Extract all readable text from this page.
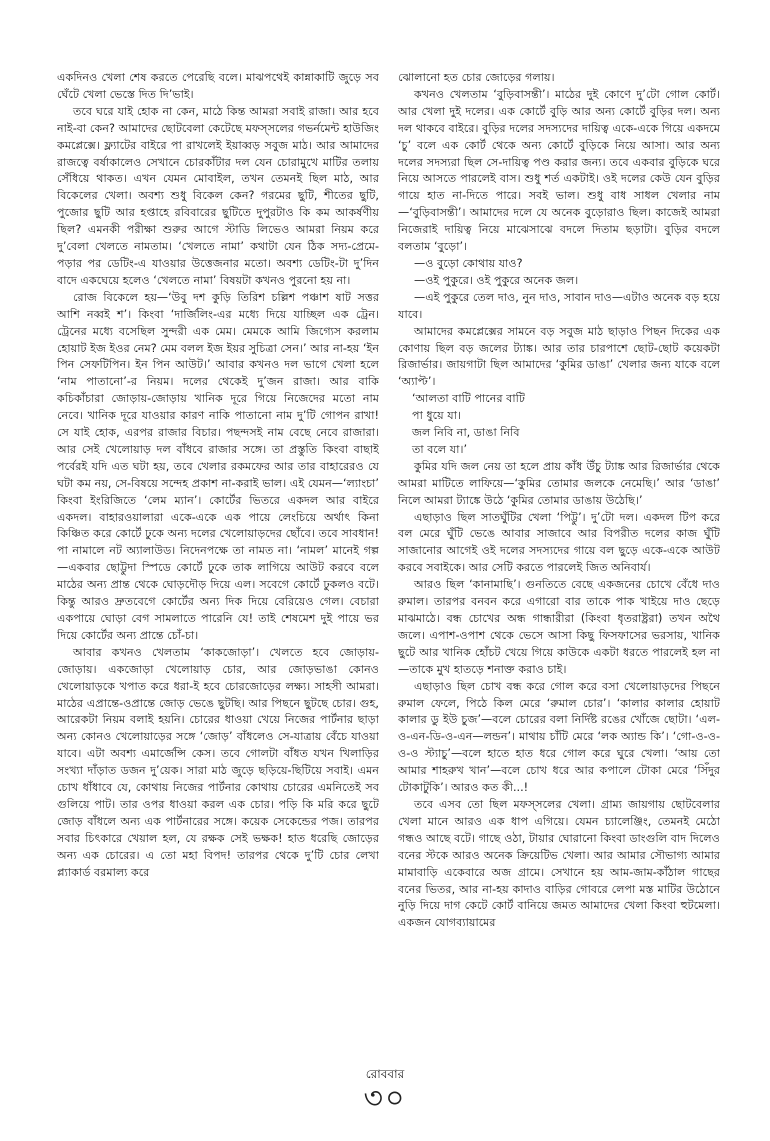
একদিনও খেলা শেষ করতে পেরেছি বলে। মাঝপথেই কান্নাকাটি জুড়ে সব ঘেঁটে খেলা ভেস্তে দিত দি’ভাই।

তবে ঘরে যাই হোক না কেন, মাঠে কিন্ত আমরা সবাই রাজা। আর হবে নাই-বা কেন? আমাদের ছোটবেলা কেটেছে মফস্সলের গভর্নমেন্ট হাউজিং কমপ্লেক্সে। ফ্ল্যাটের বাইরে পা রাখলেই ইয়াব্বড় সবুজ মাঠ। আর আমাদের রাজত্বে বর্ষাকালেও সেখানে চোরকাঁটার দল যেন চোরামুখে মাটির তলায় সেঁধিয়ে থাকত। এখন যেমন মোবাইল, তখন তেমনই ছিল মাঠ, আর বিকেলের খেলা। অবশ্য শুধু বিকেল কেন? গরমের ছুটি, শীতের ছুটি, পুজোর ছুটি আর হপ্তাহে রবিবারের ছুটিতে দুপুরটাও কি কম আকর্ষণীয় ছিল? এমনকী পরীক্ষা শুরুর আগে স্টাডি লিভেও আমরা নিয়ম করে দু’বেলা খেলতে নামতাম। ‘খেলতে নামা’ কথাটা যেন ঠিক সদ্য-প্রেমে-পড়ার পর ডেটিং-এ যাওয়ার উত্তেজনার মতো। অবশ্য ডেটিং-টা দু’দিন বাদে একঘেয়ে হলেও ‘খেলতে নামা’ বিষয়টা কখনও পুরনো হয় না।

রোজ বিকেলে হয়—‘উবু দশ কুড়ি তিরিশ চল্লিশ পঞ্চাশ ষাট সত্তর আশি নব্বই শ’। কিংবা ‘দার্জিলিং-এর মধ্যে দিয়ে যাচ্ছিল এক ট্রেন। ট্রেনের মধ্যে বসেছিল সুন্দরী এক মেম। মেমকে আমি জিগ্যেস করলাম হোয়াট ইজ ইওর নেম? মেম বলল ইজ ইয়র সুচিত্রা সেন।’ আর না-হয় ‘ইন পিন সেফটিপিন। ইন পিন আউট।’ আবার কখনও দল ভাগে খেলা হলে ‘নাম পাতানো’-র নিয়ম। দলের থেকেই দু’জন রাজা। আর বাকি কচিকাঁচারা জোড়ায়-জোড়ায় খানিক দূরে গিয়ে নিজেদের মতো নাম নেবে। খানিক দূরে যাওয়ার কারণ নাকি পাতানো নাম দু’টি গোপন রাখা! সে যাই হোক, এরপর রাজার বিচার। পছন্দসই নাম বেছে নেবে রাজারা। আর সেই খেলোয়াড় দল বাঁধবে রাজার সঙ্গে। তা প্রস্তুতি কিংবা বাছাই পর্বেরই যদি এত ঘটা হয়, তবে খেলার রকমফের আর তার বাহারেরও যে ঘটা কম নয়, সে-বিষয়ে সন্দেহ প্রকাশ না-করাই ভাল। এই যেমন—‘ল্যাংচা’ কিংবা ইংরিজিতে ‘লেম ম্যান’। কোর্টের ভিতরে একদল আর বাইরে একদল। বাহারওয়ালারা একে-একে এক পায়ে লেংচিয়ে অর্থাৎ কিনা কিঞ্চিত করে কোর্টে ঢুকে অন্য দলের খেলোয়াড়দের ছোঁবে। তবে সাবধান! পা নামালে নট অ্যালাউড। নিদেনপক্ষে তা নামত না। ‘নামল’ মানেই গল্প—একবার ছোট্টুদা স্পিডে কোর্টে ঢুকে তাক লাগিয়ে আউট করবে বলে মাঠের অন্য প্রান্ত থেকে ঘোড়দৌড় দিয়ে এল। সবেগে কোর্টে ঢুকলও বটে। কিন্তু আরও দ্রুতবেগে কোর্টের অন্য দিক দিয়ে বেরিয়েও গেল। বেচারা একপায়ে ঘোড়া বেগ সামলাতে পারেনি যে! তাই শেষমেশ দুই পায়ে ভর দিয়ে কোর্টের অন্য প্রান্তে চোঁ-চা।

আবার কখনও খেলতাম ‘কাকজোড়া’। খেলতে হবে জোড়ায়-জোড়ায়। একজোড়া খেলোয়াড় চোর, আর জোড়ভাঙা কোনও খেলোয়াড়কে খপাত করে ধরা-ই হবে চোরজোড়ের লক্ষ্য। সাহসী আমরা। মাঠের এপ্রান্তে-ওপ্রান্তে জোড় ভেঙে ছুটছি। আর পিছনে ছুটছে চোর। গুহ, আরেকটা নিয়ম বলাই হয়নি। চোরের ধাওয়া খেয়ে নিজের পার্টনার ছাড়া অন্য কোনও খেলোয়াড়ের সঙ্গে ‘জোড়’ বাঁধলেও সে-যাত্রায় বেঁচে যাওয়া যাবে। এটা অবশ্য এমার্জেন্সি কেস। তবে গোলটা বাঁধত যখন খিলাড়ির সংখ্যা দাঁড়াত ডজন দু’য়েক। সারা মাঠ জুড়ে ছড়িয়ে-ছিটিয়ে সবাই। এমন চোখ ধাঁধাবে যে, কোথায় নিজের পার্টনার কোথায় চোরের এমনিতেই সব গুলিয়ে পাট। তার ওপর ধাওয়া করল এক চোর। পড়ি কি মরি করে ছুটে জোড় বাঁধলে অন্য এক পার্টনারের সঙ্গে। কয়েক সেকেন্ডের পজ। তারপর সবার চিৎকারে খেয়াল হল, যে রক্ষক সেই ভক্ষক! হাত ধরেছি জোড়ের অন্য এক চোরের। এ তো মহা বিপদ! তারপর থেকে দু’টি চোর লেখা প্ল্যাকার্ড বরমাল্য করে

ঝোলানো হত চোর জোড়ের গলায়।

কখনও খেলতাম ‘বুড়িবাসন্তী’। মাঠের দুই কোণে দু’টো গোল কোর্ট। আর খেলা দুই দলের। এক কোর্টে বুড়ি আর অন্য কোর্টে বুড়ির দল। অন্য দল থাকবে বাইরে। বুড়ির দলের সদস্যদের দায়িত্ব একে-একে গিয়ে একদমে ‘চু’ বলে এক কোর্ট থেকে অন্য কোর্টে বুড়িকে নিয়ে আসা। আর অন্য দলের সদস্যরা ছিল সে-দায়িত্ব পণ্ড করার জন্য। তবে একবার বুড়িকে ঘরে নিয়ে আসতে পারলেই বাস। শুধু শর্ত একটাই। ওই দলের কেউ যেন বুড়ির গায়ে হাত না-দিতে পারে। সবই ভাল। শুধু বাধ সাধল খেলার নাম—‘বুড়িবাসন্তী’। আমাদের দলে যে অনেক বুড়োরাও ছিল। কাজেই আমরা নিজেরাই দায়িত্ব নিয়ে মাঝেসাঝে বদলে দিতাম ছড়াটা। বুড়ির বদলে বলতাম ‘বুড়ো’।

—ও বুড়ো কোথায় যাও?

—ওই পুকুরে। ওই পুকুরে অনেক জল।

—এই পুকুরে তেল দাও, নুন দাও, সাবান দাও—এটাও অনেক বড় হয়ে যাবে।

আমাদের কমপ্লেক্সের সামনে বড় সবুজ মাঠ ছাড়াও পিছন দিকের এক কোণায় ছিল বড় জলের ট্যাঙ্ক। আর তার চারপাশে ছোট-ছোট কয়েকটা রিজার্ভার। জায়গাটা ছিল আমাদের ‘কুমির ডাঙা’ খেলার জন্য যাকে বলে ‘অ্যাপ্ট’।

‘আলতা বাটি পানের বাটি

পা ধুয়ে যা।

জল নিবি না, ডাঙা নিবি

তা বলে যা।’

কুমির যদি জল নেয় তা হলে প্রায় কাঁধ উঁচু ট্যাঙ্ক আর রিজার্ভার থেকে আমরা মাটিতে লাফিয়ে—‘কুমির তোমার জলকে নেমেছি।’ আর ‘ডাঙা’ নিলে আমরা ট্যাঙ্কে উঠে ‘কুমির তোমার ডাঙায় উঠেছি।’

এছাড়াও ছিল সাতঘুঁটির খেলা ‘পিট্টু’। দু’টো দল। একদল টিপ করে বল মেরে ঘুঁটি ভেঙে আবার সাজাবে আর বিপরীত দলের কাজ ঘুঁটি সাজানোর আগেই ওই দলের সদস্যদের গায়ে বল ছুড়ে একে-একে আউট করবে সবাইকে। আর সেটি করতে পারলেই জিত অনিবার্য।

আরও ছিল ‘কানামাছি’। গুনতিতে বেছে একজনের চোখে বেঁধে দাও রুমাল। তারপর বনবন করে এগারো বার তাকে পাক খাইয়ে দাও ছেড়ে মাঝমাঠে। বন্ধ চোখের অন্ধ গান্ধারীরা (কিংবা ধৃতরাষ্ট্ররা) তখন অথৈ জলে। এপাশ-ওপাশ থেকে ভেসে আসা কিছু ফিসফাসের ভরসায়, খানিক ছুটে আর খানিক হোঁচট খেয়ে গিয়ে কাউকে একটা ধরতে পারলেই হল না—তাকে মুখ হাতড়ে শনাক্ত করাও চাই।

এছাড়াও ছিল চোখ বন্ধ করে গোল করে বসা খেলোয়াড়দের পিছনে রুমাল ফেলে, পিঠে কিল মেরে ‘রুমাল চোর’। ‘কালার কালার হোয়াট কালার ডু ইউ চুজ’—বলে চোরের বলা নির্দিষ্ট রঙের খোঁজে ছোটা। ‘এল-ও-এন-ডি-ও-এন—লন্ডন’। মাথায় চাঁটি মেরে ‘লক অ্যান্ড কি’। ‘গো-ও-ও-ও-ও স্ট্যাচু’—বলে হাতে হাত ধরে গোল করে ঘুরে খেলা। ‘আয় তো আমার শাহরুখ খান’—বলে চোখ ধরে আর কপালে টোকা মেরে ‘সিঁদুর টোকাটুকি’। আরও কত কী...!

তবে এসব তো ছিল মফস্সলের খেলা। গ্রাম্য জায়গায় ছোটবেলার খেলা মানে আরও এক ধাপ এগিয়ে। যেমন চ্যালেঞ্জিং, তেমনই মেঠো গন্ধও আছে বটে। গাছে ওঠা, টায়ার ঘোরানো কিংবা ডাংগুলি বাদ দিলেও বনের স্টকে আরও অনেক ক্রিয়েটিভ খেলা। আর আমার সৌভাগ্য আমার মামাবাড়ি একেবারে অজ গ্রামে। সেখানে হয় আম-জাম-কাঁঠাল গাছের বনের ভিতর, আর না-হয় কাদাও বাড়ির গোবরে লেপা মস্ত মাটির উঠোনে নুড়ি দিয়ে দাগ কেটে কোর্ট বানিয়ে জমত আমাদের খেলা কিংবা হুটমেলা। একজন যোগব্যায়ামের

রোববার
৩০
